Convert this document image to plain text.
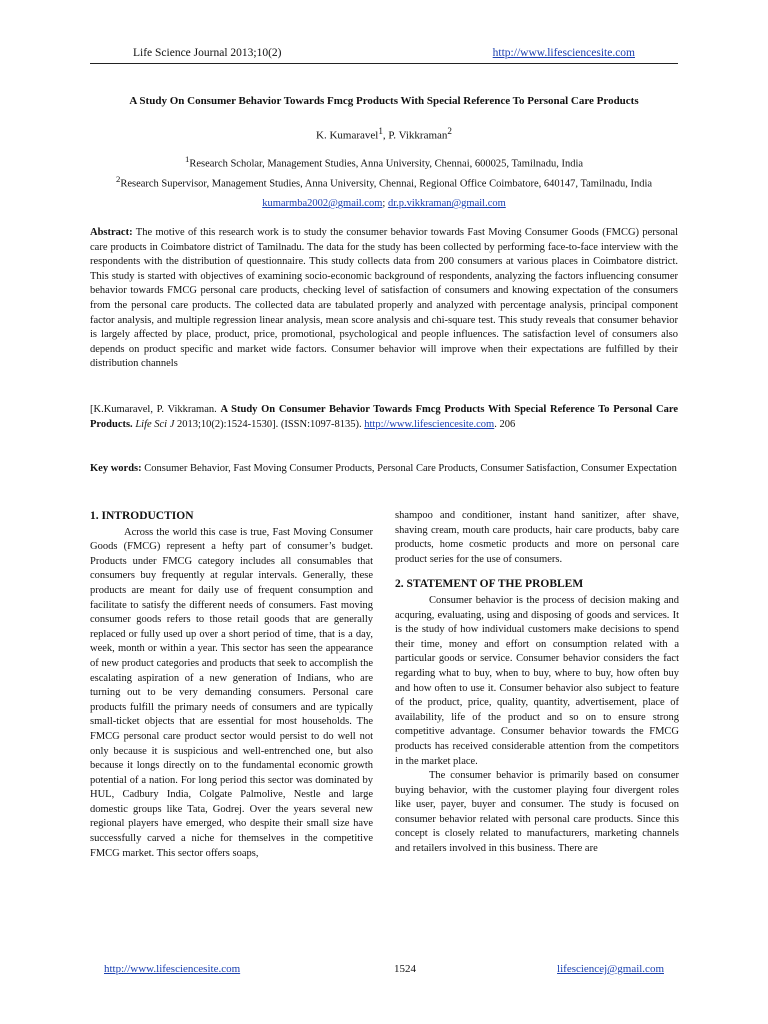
Life Science Journal 2013;10(2)	http://www.lifesciencesite.com
A Study On Consumer Behavior Towards Fmcg Products With Special Reference To Personal Care Products
K. Kumaravel$^1$, P. Vikkraman$^2$
$^1$Research Scholar, Management Studies, Anna University, Chennai, 600025, Tamilnadu, India
$^2$Research Supervisor, Management Studies, Anna University, Chennai, Regional Office Coimbatore, 640147, Tamilnadu, India
kumarmba2002@gmail.com; dr.p.vikkraman@gmail.com
Abstract: The motive of this research work is to study the consumer behavior towards Fast Moving Consumer Goods (FMCG) personal care products in Coimbatore district of Tamilnadu. The data for the study has been collected by performing face-to-face interview with the respondents with the distribution of questionnaire. This study collects data from 200 consumers at various places in Coimbatore district. This study is started with objectives of examining socio-economic background of respondents, analyzing the factors influencing consumer behavior towards FMCG personal care products, checking level of satisfaction of consumers and knowing expectation of the consumers from the personal care products. The collected data are tabulated properly and analyzed with percentage analysis, principal component factor analysis, and multiple regression linear analysis, mean score analysis and chi-square test. This study reveals that consumer behavior is largely affected by place, product, price, promotional, psychological and people influences. The satisfaction level of consumers also depends on product specific and market wide factors. Consumer behavior will improve when their expectations are fulfilled by their distribution channels
[K.Kumaravel, P. Vikkraman. A Study On Consumer Behavior Towards Fmcg Products With Special Reference To Personal Care Products. Life Sci J 2013;10(2):1524-1530]. (ISSN:1097-8135). http://www.lifesciencesite.com. 206
Key words: Consumer Behavior, Fast Moving Consumer Products, Personal Care Products, Consumer Satisfaction, Consumer Expectation
1. INTRODUCTION

Across the world this case is true, Fast Moving Consumer Goods (FMCG) represent a hefty part of consumer’s budget. Products under FMCG category includes all consumables that consumers buy frequently at regular intervals. Generally, these products are meant for daily use of frequent consumption and facilitate to satisfy the different needs of consumers. Fast moving consumer goods refers to those retail goods that are generally replaced or fully used up over a short period of time, that is a day, week, month or within a year. This sector has seen the appearance of new product categories and products that seek to accomplish the escalating aspiration of a new generation of Indians, who are turning out to be very demanding consumers. Personal care products fulfill the primary needs of consumers and are typically small-ticket objects that are essential for most households. The FMCG personal care product sector would persist to do well not only because it is suspicious and well-entrenched one, but also because it longs directly on to the fundamental economic growth potential of a nation. For long period this sector was dominated by HUL, Cadbury India, Colgate Palmolive, Nestle and large domestic groups like Tata, Godrej. Over the years several new regional players have emerged, who despite their small size have successfully carved a niche for themselves in the competitive FMCG market. This sector offers soaps,

shampoo and conditioner, instant hand sanitizer, after shave, shaving cream, mouth care products, hair care products, baby care products, home cosmetic products and more on personal care product series for the use of consumers.

2. STATEMENT OF THE PROBLEM

Consumer behavior is the process of decision making and acquring, evaluating, using and disposing of goods and services. It is the study of how individual customers make decisions to spend their time, money and effort on consumption related with a particular goods or service. Consumer behavior considers the fact regarding what to buy, when to buy, where to buy, how often buy and how often to use it. Consumer behavior also subject to feature of the product, price, quality, quantity, advertisement, place of availability, life of the product and so on to ensure strong competitive advantage. Consumer behavior towards the FMCG products has received considerable attention from the competitors in the market place.

The consumer behavior is primarily based on consumer buying behavior, with the customer playing four divergent roles like user, payer, buyer and consumer. The study is focused on consumer behavior related with personal care products. Since this concept is closely related to manufacturers, marketing channels and retailers involved in this business. There are

http://www.lifesciencesite.com	1524	lifesciencej@gmail.com
